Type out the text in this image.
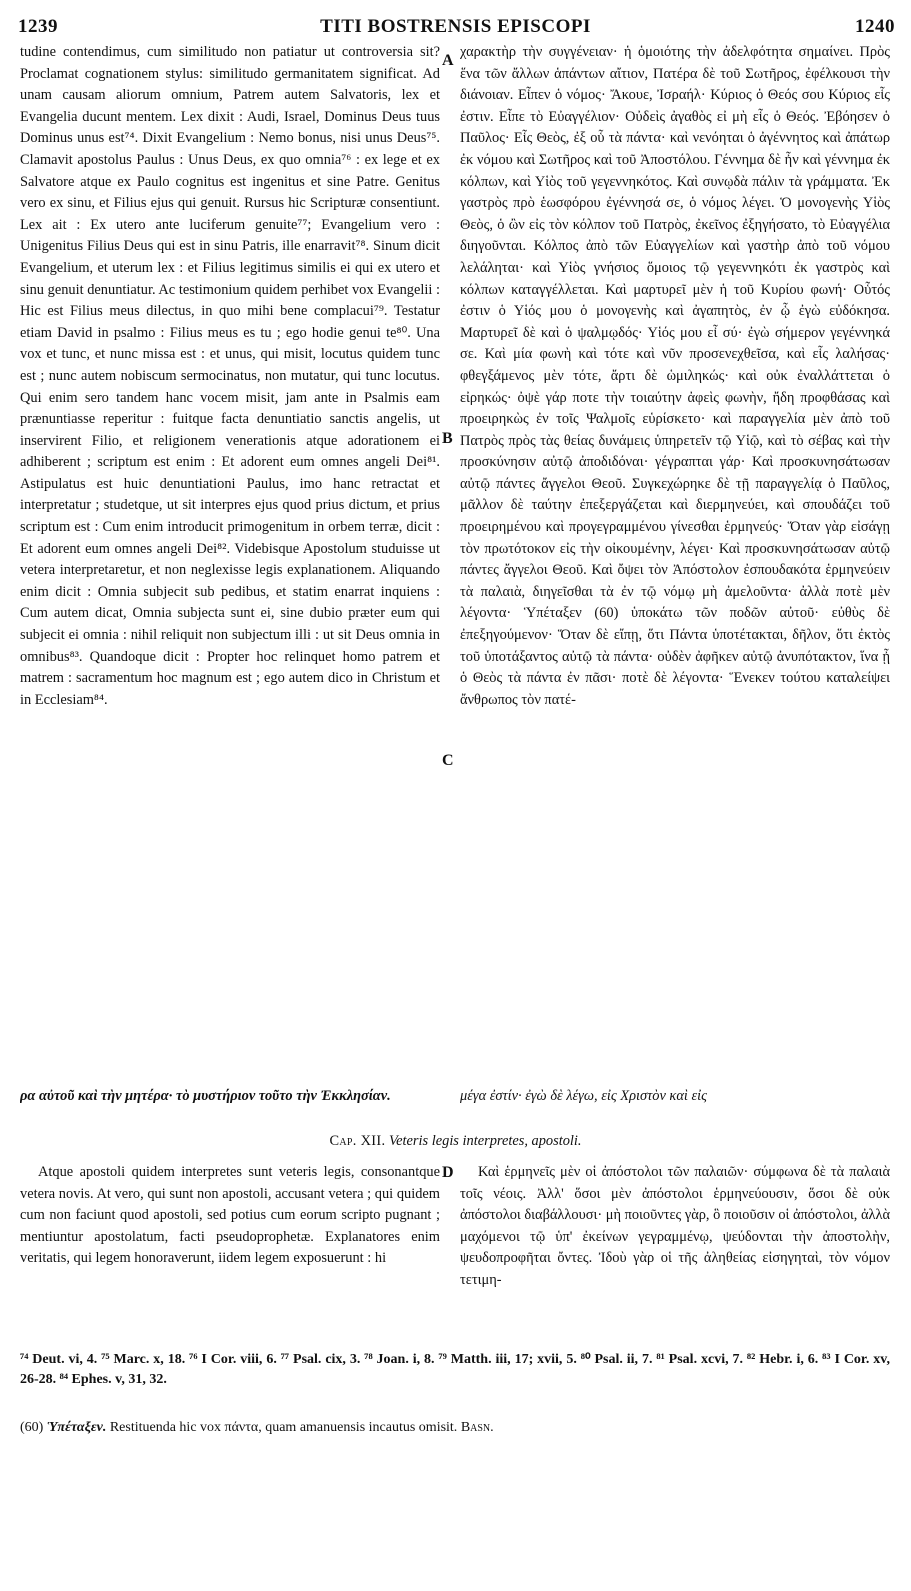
1239	TITI BOSTRENSIS EPISCOPI	1240
tudine contendimus, cum similitudo non patiatur ut controversia sit? Proclamat cognationem stylus: similitudo germanitatem significat. Ad unam causam aliorum omnium, Patrem autem Salvatoris, lex et Evangelia ducunt mentem. Lex dixit : Audi, Israel, Dominus Deus tuus Dominus unus est⁷⁴. Dixit Evangelium : Nemo bonus, nisi unus Deus⁷⁵. Clamavit apostolus Paulus : Unus Deus, ex quo omnia⁷⁶ : ex lege et ex Salvatore atque ex Paulo cognitus est ingenitus et sine Patre. Genitus vero ex sinu, et Filius ejus qui genuit. Rursus hic Scripturæ consentiunt. Lex ait : Ex utero ante luciferum genuite⁷⁷; Evangelium vero : Unigenitus Filius Deus qui est in sinu Patris, ille enarravit⁷⁸. Sinum dicit Evangelium, et uterum lex : et Filius legitimus similis ei qui ex utero et sinu genuit denuntiatur. Ac testimonium quidem perhibet vox Evangelii : Hic est Filius meus dilectus, in quo mihi bene complacui⁷⁹. Testatur etiam David in psalmo : Filius meus es tu ; ego hodie genui te⁸⁰. Una vox et tunc, et nunc missa est : et unus, qui misit, locutus quidem tunc est ; nunc autem nobiscum sermocinatus, non mutatur, qui tunc locutus. Qui enim sero tandem hanc vocem misit, jam ante in Psalmis eam prænuntiasse reperitur : fuitque facta denuntiatio sanctis angelis, ut inservirent Filio, et religionem venerationis atque adorationem ei adhiberent ; scriptum est enim : Et adorent eum omnes angeli Dei⁸¹. Astipulatus est huic denuntiationi Paulus, imo hanc retractat et interpretatur ; studetque, ut sit interpres ejus quod prius dictum, et prius scriptum est : Cum enim introducit primogenitum in orbem terræ, dicit : Et adorent eum omnes angeli Dei⁸². Videbisque Apostolum studuisse ut vetera interpretaretur, et non neglexisse legis explanationem. Aliquando enim dicit : Omnia subjecit sub pedibus, et statim enarrat inquiens : Cum autem dicat, Omnia subjecta sunt ei, sine dubio præter eum qui subjecit ei omnia : nihil reliquit non subjectum illi : ut sit Deus omnia in omnibus⁸³. Quandoque dicit : Propter hoc relinquet homo patrem et matrem : sacramentum hoc magnum est ; ego autem dico in Christum et in Ecclesiam⁸⁴.
χαρακτὴρ τὴν συγγένειαν· ἡ ὁμοιότης τὴν ἀδελφότητα σημαίνει. Πρὸς ἕνα τῶν ἄλλων ἁπάντων αἴτιον, Πατέρα δὲ τοῦ Σωτῆρος, ἐφέλκουσι τὴν διάνοιαν. Εἶπεν ὁ νόμος· Ἄκουε, Ἰσραήλ· Κύριος ὁ Θεός σου Κύριος εἷς ἐστιν. Εἶπε τὸ Εὐαγγέλιον· Οὐδεὶς ἀγαθὸς εἰ μὴ εἷς ὁ Θεός. Ἐβόησεν ὁ Παῦλος· Εἷς Θεὸς, ἐξ οὗ τὰ πάντα· καὶ νενόηται ὁ ἀγέννητος καὶ ἀπάτωρ ἐκ νόμου καὶ Σωτῆρος καὶ τοῦ Ἀποστόλου. Γέννημα δὲ ἦν καὶ γέννημα ἐκ κόλπων, καὶ Υἱὸς τοῦ γεγεννηκότος. Καὶ συνῳδὰ πάλιν τὰ γράμματα. Ἐκ γαστρὸς πρὸ ἑωσφόρου ἐγέννησά σε, ὁ νόμος λέγει. Ὁ μονογενὴς Υἱὸς Θεὸς, ὁ ὢν εἰς τὸν κόλπον τοῦ Πατρὸς, ἐκεῖνος ἐξηγήσατο, τὸ Εὐαγγέλια διηγοῦνται. Κόλπος ἀπὸ τῶν Εὐαγγελίων καὶ γαστὴρ ἀπὸ τοῦ νόμου λελάληται· καὶ Υἱὸς γνήσιος ὅμοιος τῷ γεγεννηκότι ἐκ γαστρὸς καὶ κόλπων καταγγέλλεται. Καὶ μαρτυρεῖ μὲν ἡ τοῦ Κυρίου φωνή· Οὗτός ἐστιν ὁ Υἱός μου ὁ μονογενὴς καὶ ἀγαπητὸς, ἐν ᾧ ἐγὼ εὐδόκησα. Μαρτυρεῖ δὲ καὶ ὁ ψαλμῳδός· Υἱός μου εἶ σύ· ἐγὼ σήμερον γεγέννηκά σε. Καὶ μία φωνὴ καὶ τότε καὶ νῦν προσενεχθεῖσα, καὶ εἷς λαλήσας· φθεγξάμενος μὲν τότε, ἄρτι δὲ ὡμιληκώς· καὶ οὐκ ἐναλλάττεται ὁ εἰρηκώς· ὀψὲ γάρ ποτε τὴν τοιαύτην ἀφεὶς φωνὴν, ἤδη προφθάσας καὶ προειρηκὼς ἐν τοῖς Ψαλμοῖς εὑρίσκετο· καὶ παραγγελία μὲν ἀπὸ τοῦ Πατρὸς πρὸς τὰς θείας δυνάμεις ὑπηρετεῖν τῷ Υἱῷ, καὶ τὸ σέβας καὶ τὴν προσκύνησιν αὐτῷ ἀποδιδόναι· γέγραπται γάρ· Καὶ προσκυνησάτωσαν αὐτῷ πάντες ἄγγελοι Θεοῦ. Συγκεχώρηκε δὲ τῇ παραγγελίᾳ ὁ Παῦλος, μᾶλλον δὲ ταύτην ἐπεξεργάζεται καὶ διερμηνεύει, καὶ σπουδάζει τοῦ προειρημένου καὶ προγεγραμμένου γίνεσθαι ἑρμηνεύς· Ὅταν γὰρ εἰσάγῃ τὸν πρωτότοκον εἰς τὴν οἰκουμένην, λέγει· Καὶ προσκυνησάτωσαν αὐτῷ πάντες ἄγγελοι Θεοῦ. Καὶ ὄψει τὸν Ἀπόστολον ἐσπουδακότα ἑρμηνεύειν τὰ παλαιὰ, διηγεῖσθαι τὰ ἐν τῷ νόμῳ μὴ ἀμελοῦντα· ἀλλὰ ποτὲ μὲν λέγοντα· Ὑπέταξεν (60) ὑποκάτω τῶν ποδῶν αὐτοῦ· εὐθὺς δὲ ἐπεξηγούμενον· Ὅταν δὲ εἴπῃ, ὅτι Πάντα ὑποτέτακται, δῆλον, ὅτι ἐκτὸς τοῦ ὑποτάξαντος αὐτῷ τὰ πάντα· οὐδὲν ἀφῆκεν αὐτῷ ἀνυπότακτον, ἵνα ᾖ ὁ Θεὸς τὰ πάντα ἐν πᾶσι· ποτὲ δὲ λέγοντα· Ἕνεκεν τούτου καταλείψει ἄνθρωπος τὸν πατέ-
A
B
C
D
ρα αὐτοῦ καὶ τὴν μητέρα· τὸ μυστήριον τοῦτο τὴν Ἐκκλησίαν.	μέγα ἐστίν· ἐγὼ δὲ λέγω, εἰς Χριστὸν καὶ εἰς
Cap. XII. Veteris legis interpretes, apostoli.
Atque apostoli quidem interpretes sunt veteris legis, consonantque vetera novis. At vero, qui sunt non apostoli, accusant vetera ; qui quidem cum non faciunt quod apostoli, sed potius cum eorum scripto pugnant ; mentiuntur apostolatum, facti pseudoprophetæ. Explanatores enim veritatis, qui legem honoraverunt, iidem legem exposuerunt : hi
Καὶ ἑρμηνεῖς μὲν οἱ ἀπόστολοι τῶν παλαιῶν· σύμφωνα δὲ τὰ παλαιὰ τοῖς νέοις. Ἀλλ' ὅσοι μὲν ἀπόστολοι ἑρμηνεύουσιν, ὅσοι δὲ οὐκ ἀπόστολοι διαβάλλουσι· μὴ ποιοῦντες γὰρ, ὃ ποιοῦσιν οἱ ἀπόστολοι, ἀλλὰ μαχόμενοι τῷ ὑπ' ἐκείνων γεγραμμένῳ, ψεύδονται τὴν ἀποστολὴν, ψευδοπροφῆται ὄντες. Ἰδοὺ γὰρ οἱ τῆς ἀληθείας εἰσηγηταὶ, τὸν νόμον τετιμη-
⁷⁴ Deut. vi, 4. ⁷⁵ Marc. x, 18. ⁷⁶ I Cor. viii, 6. ⁷⁷ Psal. cix, 3. ⁷⁸ Joan. i, 8. ⁷⁹ Matth. iii, 17; xvii, 5. ⁸⁰ Psal. ii, 7. ⁸¹ Psal. xcvi, 7. ⁸² Hebr. i, 6. ⁸³ I Cor. xv, 26-28. ⁸⁴ Ephes. v, 31, 32.
(60) Ὑπέταξεν. Restituenda hic vox πάντα, quam amanuensis incautus omisit. Basn.
